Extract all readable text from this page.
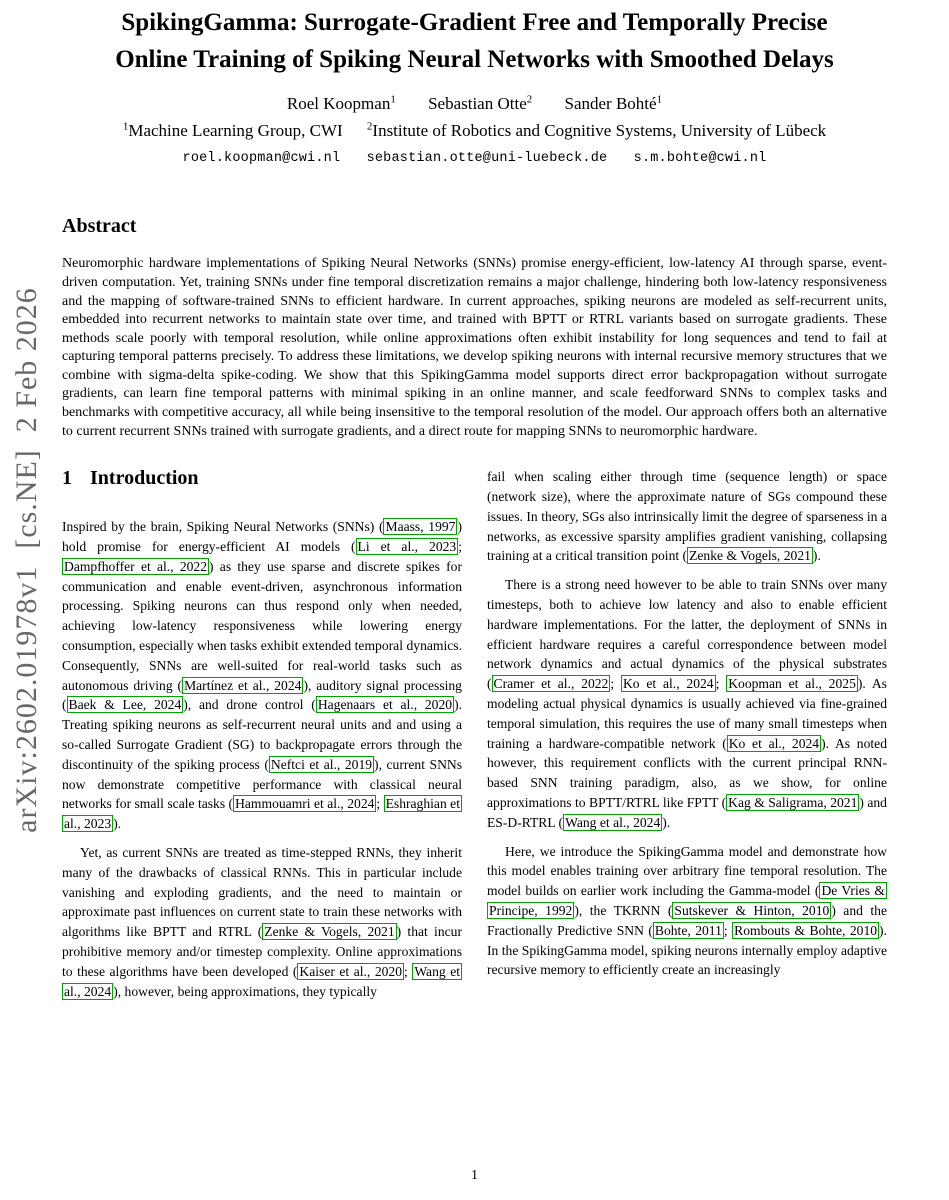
arXiv:2602.01978v1  [cs.NE]  2 Feb 2026
SpikingGamma: Surrogate-Gradient Free and Temporally Precise
Online Training of Spiking Neural Networks with Smoothed Delays
Roel Koopman$^1$ Sebastian Otte$^2$ Sander Bohté$^1$
$^1$Machine Learning Group, CWI $^2$Institute of Robotics and Cognitive Systems, University of Lübeck
roel.koopman@cwi.nl sebastian.otte@uni-luebeck.de s.m.bohte@cwi.nl
Abstract

Neuromorphic hardware implementations of Spiking Neural Networks (SNNs) promise energy-efficient, low-latency AI through sparse, event-driven computation. Yet, training SNNs under fine temporal discretization remains a major challenge, hindering both low-latency responsiveness and the mapping of software-trained SNNs to efficient hardware. In current approaches, spiking neurons are modeled as self-recurrent units, embedded into recurrent networks to maintain state over time, and trained with BPTT or RTRL variants based on surrogate gradients. These methods scale poorly with temporal resolution, while online approximations often exhibit instability for long sequences and tend to fail at capturing temporal patterns precisely. To address these limitations, we develop spiking neurons with internal recursive memory structures that we combine with sigma-delta spike-coding. We show that this SpikingGamma model supports direct error backpropagation without surrogate gradients, can learn fine temporal patterns with minimal spiking in an online manner, and scale feedforward SNNs to complex tasks and benchmarks with competitive accuracy, all while being insensitive to the temporal resolution of the model. Our approach offers both an alternative to current recurrent SNNs trained with surrogate gradients, and a direct route for mapping SNNs to neuromorphic hardware.

1 Introduction

Inspired by the brain, Spiking Neural Networks (SNNs) ( Maass, 1997 ) hold promise for energy-efficient AI models ( Li et al., 2023 ; Dampfhoffer et al., 2022 ) as they use sparse and discrete spikes for communication and enable event-driven, asynchronous information processing. Spiking neurons can thus respond only when needed, achieving low-latency responsiveness while lowering energy consumption, especially when tasks exhibit extended temporal dynamics. Consequently, SNNs are well-suited for real-world tasks such as autonomous driving ( Martínez et al., 2024 ), auditory signal processing ( Baek & Lee, 2024 ), and drone control ( Hagenaars et al., 2020 ). Treating spiking neurons as self-recurrent neural units and and using a so-called Surrogate Gradient (SG) to backpropagate errors through the discontinuity of the spiking process ( Neftci et al., 2019 ), current SNNs now demonstrate competitive performance with classical neural networks for small scale tasks ( Hammouamri et al., 2024 ; Eshraghian et al., 2023 ).

Yet, as current SNNs are treated as time-stepped RNNs, they inherit many of the drawbacks of classical RNNs. This in particular include vanishing and exploding gradients, and the need to maintain or approximate past influences on current state to train these networks with algorithms like BPTT and RTRL ( Zenke & Vogels, 2021 ) that incur prohibitive memory and/or timestep complexity. Online approximations to these algorithms have been developed ( Kaiser et al., 2020 ; Wang et al., 2024 ), however, being approximations, they typically

fail when scaling either through time (sequence length) or space (network size), where the approximate nature of SGs compound these issues. In theory, SGs also intrinsically limit the degree of sparseness in a networks, as excessive sparsity amplifies gradient vanishing, collapsing training at a critical transition point ( Zenke & Vogels, 2021 ).

There is a strong need however to be able to train SNNs over many timesteps, both to achieve low latency and also to enable efficient hardware implementations. For the latter, the deployment of SNNs in efficient hardware requires a careful correspondence between model network dynamics and actual dynamics of the physical substrates ( Cramer et al., 2022 ; Ko et al., 2024 ; Koopman et al., 2025 ). As modeling actual physical dynamics is usually achieved via fine-grained temporal simulation, this requires the use of many small timesteps when training a hardware-compatible network ( Ko et al., 2024 ). As noted however, this requirement conflicts with the current principal RNN-based SNN training paradigm, also, as we show, for online approximations to BPTT/RTRL like FPTT ( Kag & Saligrama, 2021 ) and ES-D-RTRL ( Wang et al., 2024 ).

Here, we introduce the SpikingGamma model and demonstrate how this model enables training over arbitrary fine temporal resolution. The model builds on earlier work including the Gamma-model ( De Vries & Principe, 1992 ), the TKRNN ( Sutskever & Hinton, 2010 ) and the Fractionally Predictive SNN ( Bohte, 2011 ; Rombouts & Bohte, 2010 ). In the SpikingGamma model, spiking neurons internally employ adaptive recursive memory to efficiently create an increasingly

1
